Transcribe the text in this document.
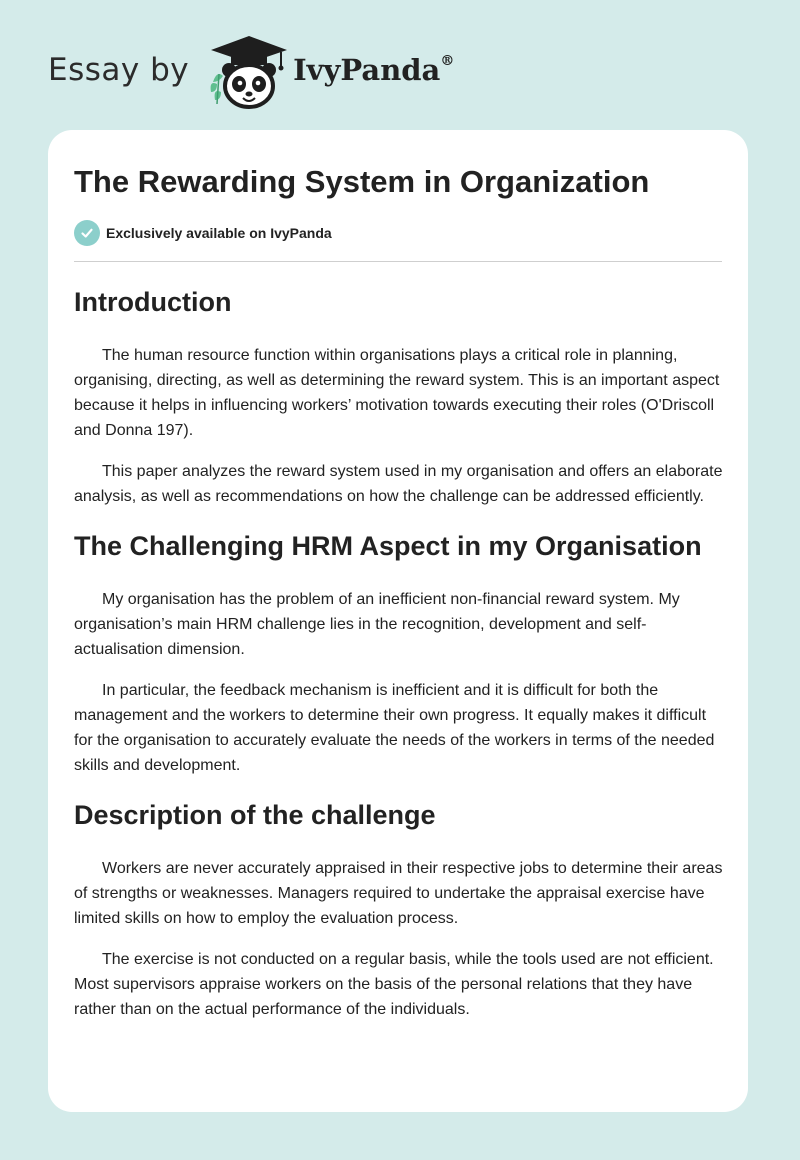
Essay by	IvyPanda®
The Rewarding System in Organization
Exclusively available on IvyPanda
Introduction

The human resource function within organisations plays a critical role in planning, organising, directing, as well as determining the reward system. This is an important aspect because it helps in influencing workers’ motivation towards executing their roles (O'Driscoll and Donna 197).

This paper analyzes the reward system used in my organisation and offers an elaborate analysis, as well as recommendations on how the challenge can be addressed efficiently.

The Challenging HRM Aspect in my Organisation

My organisation has the problem of an inefficient non-financial reward system. My organisation’s main HRM challenge lies in the recognition, development and self-actualisation dimension.

In particular, the feedback mechanism is inefficient and it is difficult for both the management and the workers to determine their own progress. It equally makes it difficult for the organisation to accurately evaluate the needs of the workers in terms of the needed skills and development.

Description of the challenge

Workers are never accurately appraised in their respective jobs to determine their areas of strengths or weaknesses. Managers required to undertake the appraisal exercise have limited skills on how to employ the evaluation process.

The exercise is not conducted on a regular basis, while the tools used are not efficient. Most supervisors appraise workers on the basis of the personal relations that they have rather than on the actual performance of the individuals.
